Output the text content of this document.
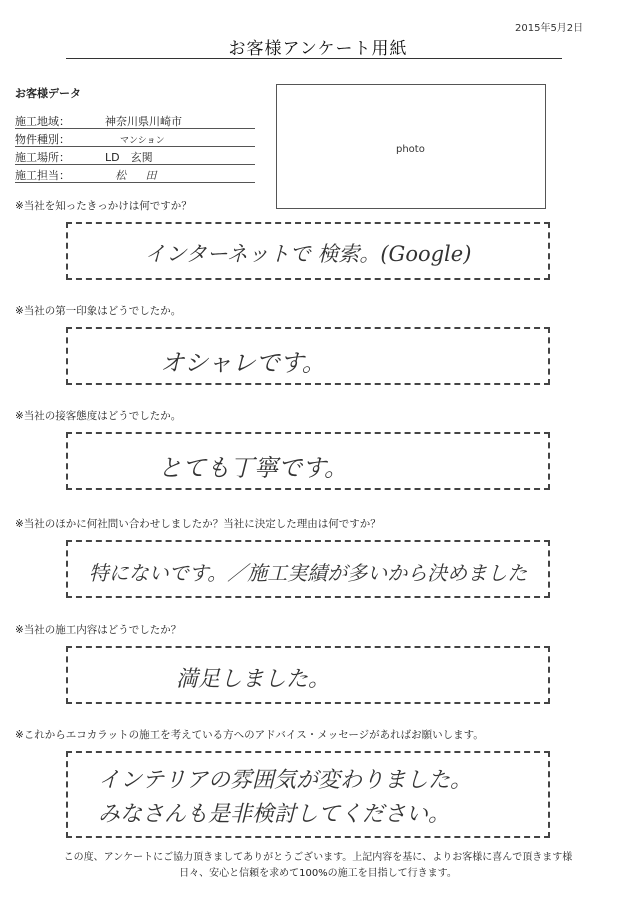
2015年5月2日
お客様アンケート用紙
お客様データ
施工地域：	神奈川県川崎市
物件種別：	マンション
施工場所：	LD　玄関
施工担当：	松 田
photo
※当社を知ったきっかけは何ですか？
インターネットで 検索。(Google)
※当社の第一印象はどうでしたか。
オシャレです。
※当社の接客態度はどうでしたか。
とても丁寧です。
※当社のほかに何社問い合わせしましたか？当社に決定した理由は何ですか？
特にないです。／施工実績が多いから決めました
※当社の施工内容はどうでしたか？
満足しました。
※これからエコカラットの施工を考えている方へのアドバイス・メッセージがあればお願いします。
インテリアの雰囲気が変わりました。
みなさんも是非検討してください。
この度、アンケートにご協力頂きましてありがとうございます。上記内容を基に、よりお客様に喜んで頂きます様
日々、安心と信頼を求めて100%の施工を目指して行きます。
